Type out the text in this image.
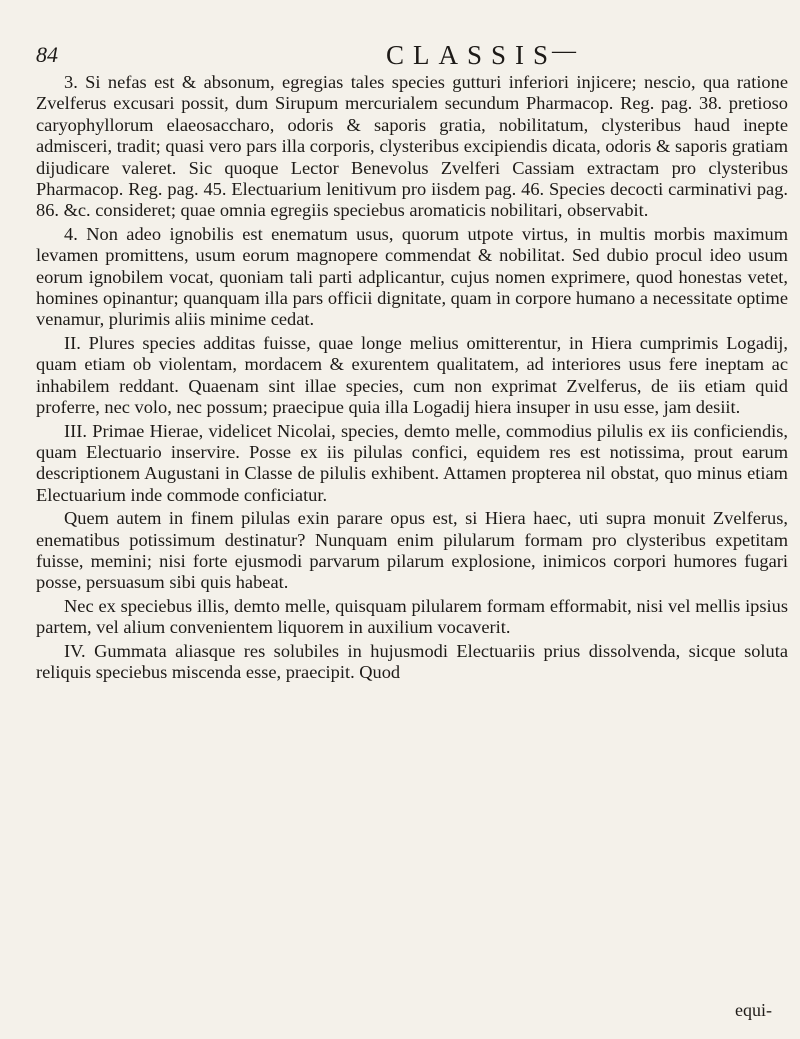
84	CLASSIS
—

3. Si nefas est & absonum, egregias tales species gutturi inferiori injicere; nescio, qua ratione Zvelferus excusari possit, dum Sirupum mercurialem secundum Pharmacop. Reg. pag. 38. pretioso caryophyllorum elaeosaccharo, odoris & saporis gratia, nobilitatum, clysteribus haud inepte admisceri, tradit; quasi vero pars illa corporis, clysteribus excipiendis dicata, odoris & saporis gratiam dijudicare valeret. Sic quoque Lector Benevolus Zvelferi Cassiam extractam pro clysteribus Pharmacop. Reg. pag. 45. Electuarium lenitivum pro iisdem pag. 46. Species decocti carminativi pag. 86. &c. consideret; quae omnia egregiis speciebus aromaticis nobilitari, observabit.

4. Non adeo ignobilis est enematum usus, quorum utpote virtus, in multis morbis maximum levamen promittens, usum eorum magnopere commendat & nobilitat. Sed dubio procul ideo usum eorum ignobilem vocat, quoniam tali parti adplicantur, cujus nomen exprimere, quod honestas vetet, homines opinantur; quanquam illa pars officii dignitate, quam in corpore humano a necessitate optime venamur, plurimis aliis minime cedat.

II. Plures species additas fuisse, quae longe melius omitterentur, in Hiera cumprimis Logadij, quam etiam ob violentam, mordacem & exurentem qualitatem, ad interiores usus fere ineptam ac inhabilem reddant. Quaenam sint illae species, cum non exprimat Zvelferus, de iis etiam quid proferre, nec volo, nec possum; praecipue quia illa Logadij hiera insuper in usu esse, jam desiit.

III. Primae Hierae, videlicet Nicolai, species, demto melle, commodius pilulis ex iis conficiendis, quam Electuario inservire. Posse ex iis pilulas confici, equidem res est notissima, prout earum descriptionem Augustani in Classe de pilulis exhibent. Attamen propterea nil obstat, quo minus etiam Electuarium inde commode conficiatur.

Quem autem in finem pilulas exin parare opus est, si Hiera haec, uti supra monuit Zvelferus, enematibus potissimum destinatur? Nunquam enim pilularum formam pro clysteribus expetitam fuisse, memini; nisi forte ejusmodi parvarum pilarum explosione, inimicos corpori humores fugari posse, persuasum sibi quis habeat.

Nec ex speciebus illis, demto melle, quisquam pilularem formam efformabit, nisi vel mellis ipsius partem, vel alium convenientem liquorem in auxilium vocaverit.

IV. Gummata aliasque res solubiles in hujusmodi Electuariis prius dissolvenda, sicque soluta reliquis speciebus miscenda esse, praecipit. Quod

equi-
